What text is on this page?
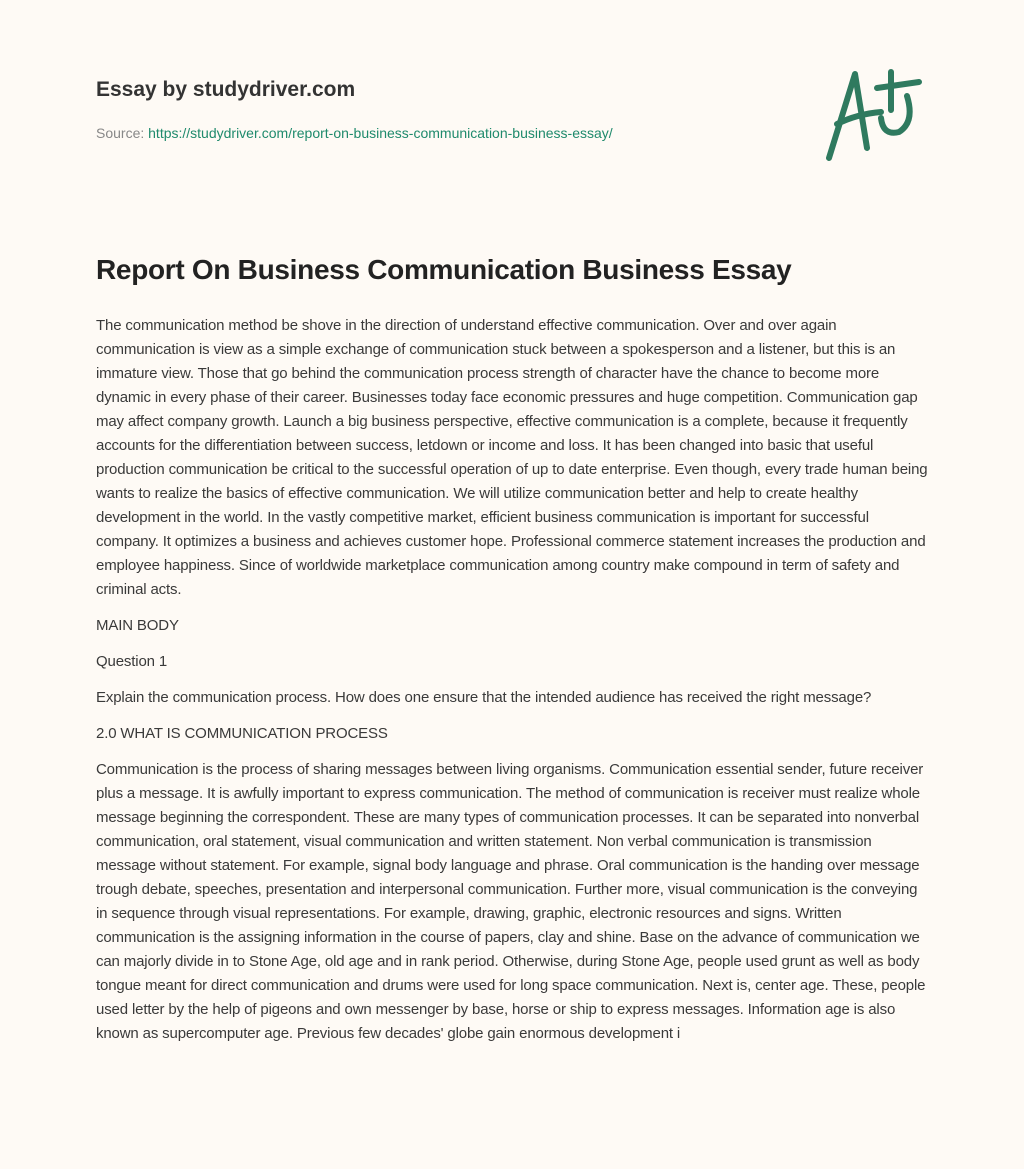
Essay by studydriver.com
Source: https://studydriver.com/report-on-business-communication-business-essay/
Report On Business Communication Business Essay

The communication method be shove in the direction of understand effective communication. Over and over again communication is view as a simple exchange of communication stuck between a spokesperson and a listener, but this is an immature view. Those that go behind the communication process strength of character have the chance to become more dynamic in every phase of their career. Businesses today face economic pressures and huge competition. Communication gap may affect company growth. Launch a big business perspective, effective communication is a complete, because it frequently accounts for the differentiation between success, letdown or income and loss. It has been changed into basic that useful production communication be critical to the successful operation of up to date enterprise. Even though, every trade human being wants to realize the basics of effective communication. We will utilize communication better and help to create healthy development in the world. In the vastly competitive market, efficient business communication is important for successful company. It optimizes a business and achieves customer hope. Professional commerce statement increases the production and employee happiness. Since of worldwide marketplace communication among country make compound in term of safety and criminal acts.

MAIN BODY

Question 1

Explain the communication process. How does one ensure that the intended audience has received the right message?

2.0 WHAT IS COMMUNICATION PROCESS

Communication is the process of sharing messages between living organisms. Communication essential sender, future receiver plus a message. It is awfully important to express communication. The method of communication is receiver must realize whole message beginning the correspondent. These are many types of communication processes. It can be separated into nonverbal communication, oral statement, visual communication and written statement. Non verbal communication is transmission message without statement. For example, signal body language and phrase. Oral communication is the handing over message trough debate, speeches, presentation and interpersonal communication. Further more, visual communication is the conveying in sequence through visual representations. For example, drawing, graphic, electronic resources and signs. Written communication is the assigning information in the course of papers, clay and shine. Base on the advance of communication we can majorly divide in to Stone Age, old age and in rank period. Otherwise, during Stone Age, people used grunt as well as body tongue meant for direct communication and drums were used for long space communication. Next is, center age. These, people used letter by the help of pigeons and own messenger by base, horse or ship to express messages. Information age is also known as supercomputer age. Previous few decades' globe gain enormous development i
